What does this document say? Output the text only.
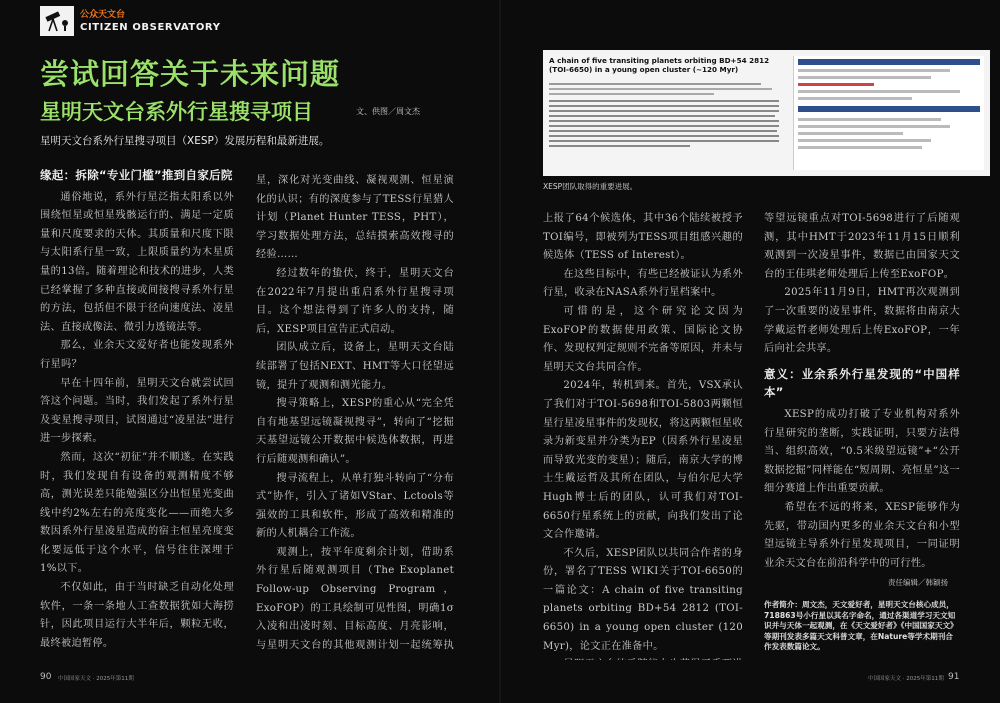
公众天文台
CITIZEN OBSERVATORY
尝试回答关于未来问题
星明天文台系外行星搜寻项目	文、供图／周文杰
星明天文台系外行星搜寻项目（XESP）发展历程和最新进展。
缘起：拆除“专业门槛”推到自家后院

通俗地说，系外行星泛指太阳系以外围绕恒星或恒星残骸运行的、满足一定质量和尺度要求的天体。其质量和尺度下限与太阳系行星一致，上限质量约为木星质量的13倍。随着理论和技术的进步，人类已经掌握了多种直接或间接搜寻系外行星的方法，包括但不限于径向速度法、凌星法、直接成像法、微引力透镜法等。

那么，业余天文爱好者也能发现系外行星吗？

早在十四年前，星明天文台就尝试回答这个问题。当时，我们发起了系外行星及变星搜寻项目，试图通过“凌星法”进行进一步探索。

然而，这次“初征”并不顺遂。在实践时，我们发现自有设备的观测精度不够高，测光误差只能勉强区分出恒星光变曲线中约2%左右的亮度变化——而绝大多数因系外行星凌星造成的宿主恒星亮度变化要远低于这个水平，信号往往深埋于1%以下。

不仅如此，由于当时缺乏自动化处理软件，一条一条地人工查数据犹如大海捞针，因此项目运行大半年后，颗粒无收，最终被迫暂停。

星，深化对光变曲线、凝视观测、恒星演化的认识；有的深度参与了TESS行星猎人计划（Planet Hunter TESS，PHT），学习数据处理方法，总结摸索高效搜寻的经验……

经过数年的蛰伏，终于，星明天文台在2022年7月提出重启系外行星搜寻项目。这个想法得到了许多人的支持，随后，XESP项目宣告正式启动。

团队成立后，设备上，星明天文台陆续部署了包括NEXT、HMT等大口径望远镜，提升了观测和测光能力。

搜寻策略上，XESP的重心从“完全凭自有地基望远镜凝视搜寻”，转向了“挖掘天基望远镜公开数据中候选体数据，再进行后随观测和确认”。

搜寻流程上，从单打独斗转向了“分布式”协作，引入了诸如VStar、Lctools等强效的工具和软件，形成了高效和精准的新的人机耦合工作流。

观测上，按平年度剩余计划，借助系外行星后随观测项目（The Exoplanet Follow-up Observing Program，ExoFOP）的工具绘制可见性图，明确1σ入凌和出凌时刻、目标高度、月亮影响，与星明天文台的其他观测计划一起统筹执

90 中国国家天文 · 2025年第11期
A chain of five transiting planets orbiting BD+54 2812 (TOI-6650) in a young open cluster (~120 Myr)
XESP团队取得的重要进展。

上报了64个候选体，其中36个陆续被授予TOI编号，即被列为TESS项目组感兴趣的候选体（TESS of Interest）。

在这些目标中，有些已经被证认为系外行星，收录在NASA系外行星档案中。

可惜的是，这个研究论文因为ExoFOP的数据使用政策、国际论文协作、发现权判定规则不完备等原因，并未与星明天文台共同合作。

2024年，转机到来。首先，VSX承认了我们对于TOI-5698和TOI-5803两颗恒星行星凌星事件的发现权，将这两颗恒星收录为新变星并分类为EP（因系外行星凌星而导致光变的变星）；随后，南京大学的博士生戴运哲及其所在团队，与伯尔尼大学Hugh博士后的团队，认可我们对TOI-6650行星系统上的贡献，向我们发出了论文合作邀请。

不久后，XESP团队以共同合作者的身份，署名了TESS WIKI关于TOI-6650的一篇论文：A chain of five transiting planets orbiting BD+54 2812 (TOI-6650) in a young open cluster (120 Myr)，论文正在准备中。

等望远镜重点对TOI-5698进行了后随观测，其中HMT于2023年11月15日顺利观测到一次凌星事件，数据已由国家天文台的王佳琪老师处理后上传至ExoFOP。

2025年11月9日，HMT再次观测到了一次重要的凌星事件，数据将由南京大学戴运哲老师处理后上传ExoFOP，一年后向社会共享。

意义：业余系外行星发现的“中国样本”

XESP的成功打破了专业机构对系外行星研究的垄断，实践证明，只要方法得当、组织高效，“0.5米级望远镜”+“公开数据挖掘”同样能在“短周期、亮恒星”这一细分赛道上作出重要贡献。

希望在不远的将来，XESP能够作为先驱，带动国内更多的业余天文台和小型望远镜主导系外行星发现项目，一同证明业余天文台在前沿科学中的可行性。

责任编辑／韩颖扬
作者简介：周文杰，天文爱好者，星明天文台核心成员，718863号小行星以其名字命名，通过各渠道学习天文知识并与天体一起观测，在《天文爱好者》《中国国家天文》等期刊发表多篇天文科普文章，在Nature等学术期刊合作发表数篇论文。
中国国家天文 · 2025年第11期 91
